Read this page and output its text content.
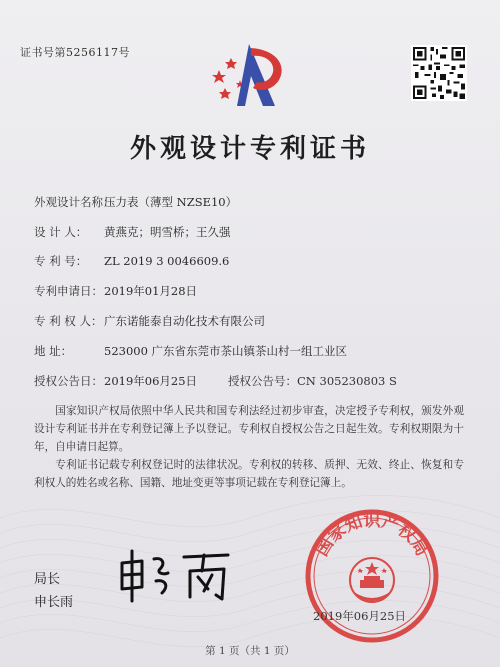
证书号第5256117号
外观设计专利证书
外观设计名称：压力表（薄型 NZSE10）
设 计 人： 黄燕克；明雪桥；王久强
专 利 号： ZL 2019 3 0046609.6
专利申请日：2019年01月28日
专 利 权 人： 广东诺能泰自动化技术有限公司
地 址：	523000 广东省东莞市茶山镇茶山村一组工业区
授权公告日：2019年06月25日	授权公告号：CN 305230803 S

国家知识产权局依照中华人民共和国专利法经过初步审查，决定授予专利权，颁发外观设计专利证书并在专利登记簿上予以登记。专利权自授权公告之日起生效。专利权期限为十年，自申请日起算。

专利证书记载专利权登记时的法律状况。专利权的转移、质押、无效、终止、恢复和专利权人的姓名或名称、国籍、地址变更等事项记载在专利登记簿上。

局长
申长雨
国家知识产权局
2019年06月25日
第 1 页（共 1 页）
